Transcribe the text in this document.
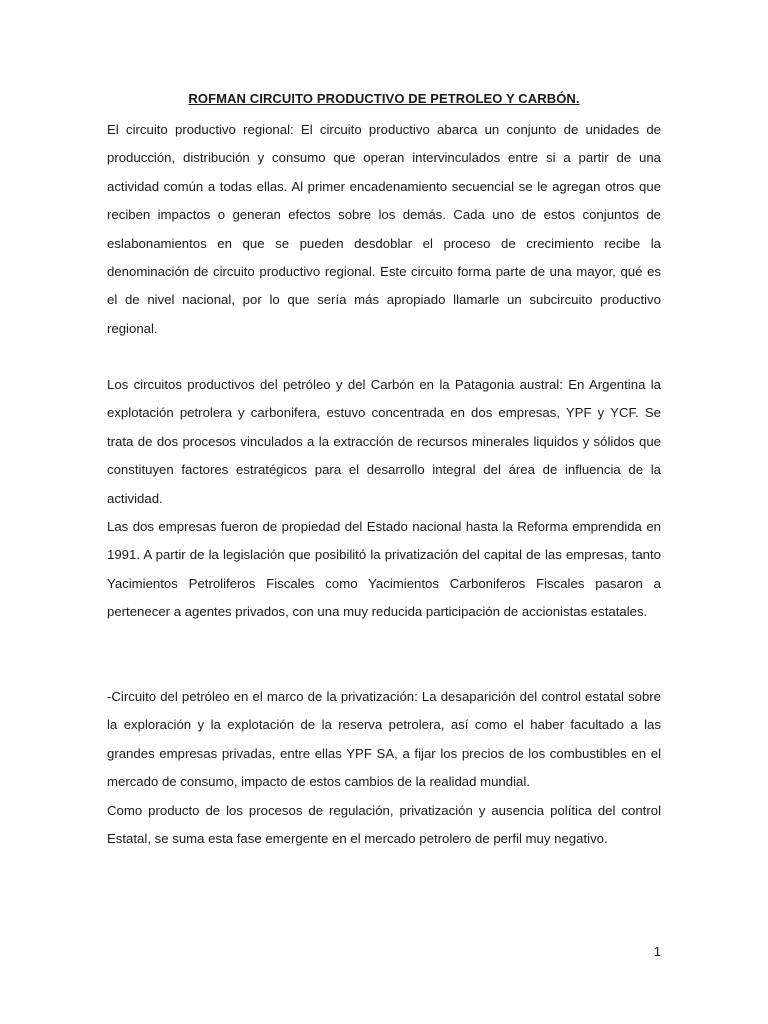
ROFMAN CIRCUITO PRODUCTIVO DE PETROLEO Y CARBÓN.

El circuito productivo regional: El circuito productivo abarca un conjunto de unidades de producción, distribución y consumo que operan intervinculados entre si a partir de una actividad común a todas ellas. Al primer encadenamiento secuencial se le agregan otros que reciben impactos o generan efectos sobre los demás. Cada uno de estos conjuntos de eslabonamientos en que se pueden desdoblar el proceso de crecimiento recibe la denominación de circuito productivo regional. Este circuito forma parte de una mayor, qué es el de nivel nacional, por lo que sería más apropiado llamarle un subcircuito productivo regional.

Los circuitos productivos del petróleo y del Carbón en la Patagonia austral: En Argentina la explotación petrolera y carbonifera, estuvo concentrada en dos empresas, YPF y YCF. Se trata de dos procesos vinculados a la extracción de recursos minerales liquidos y sólidos que constituyen factores estratégicos para el desarrollo integral del área de influencia de la actividad.

Las dos empresas fueron de propiedad del Estado nacional hasta la Reforma emprendida en 1991. A partir de la legislación que posibilitó la privatización del capital de las empresas, tanto Yacimientos Petroliferos Fiscales como Yacimientos Carboniferos Fiscales pasaron a pertenecer a agentes privados, con una muy reducida participación de accionistas estatales.

-Circuito del petróleo en el marco de la privatización: La desaparición del control estatal sobre la exploración y la explotación de la reserva petrolera, así como el haber facultado a las grandes empresas privadas, entre ellas YPF SA, a fijar los precios de los combustibles en el mercado de consumo, impacto de estos cambios de la realidad mundial.

Como producto de los procesos de regulación, privatización y ausencia política del control Estatal, se suma esta fase emergente en el mercado petrolero de perfil muy negativo.

1
